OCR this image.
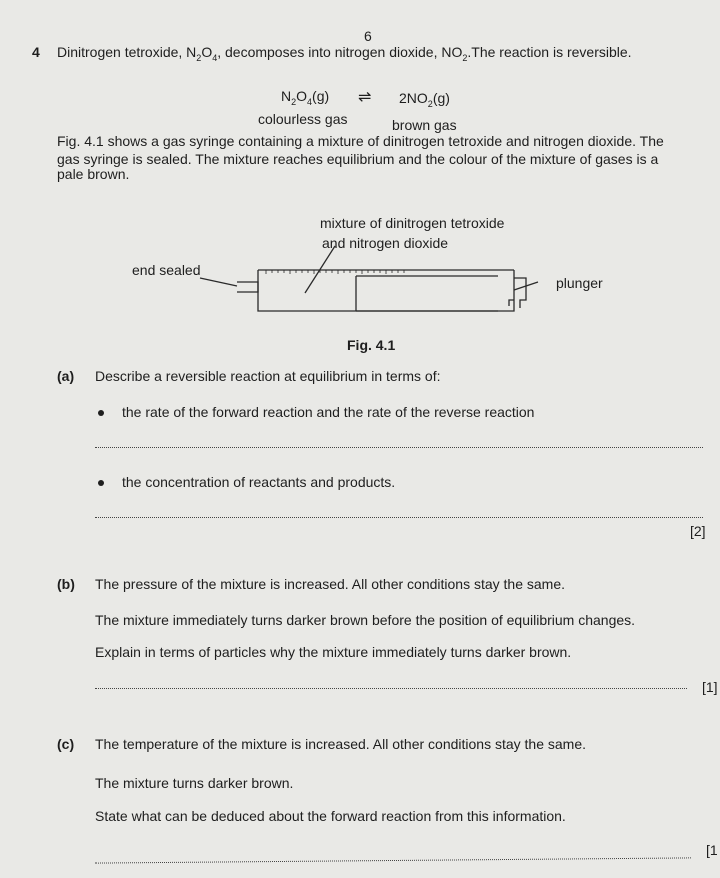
6
4 Dinitrogen tetroxide, $N_2O_4$, decomposes into nitrogen dioxide, $NO_2.The$ reaction is reversible.
$N_2O_4(g)$ ⇌ $2NO_2(g)$
colourless gas	brown gas
Fig. 4.1 shows a gas syringe containing a mixture of dinitrogen tetroxide and nitrogen dioxide. The
gas syringe is sealed. The mixture reaches equilibrium and the colour of the mixture of gases is a
pale brown.
mixture of dinitrogen tetroxide
and nitrogen dioxide
end sealed
plunger
Fig. 4.1
(a) Describe a reversible reaction at equilibrium in terms of:
the rate of the forward reaction and the rate of the reverse reaction
the concentration of reactants and products.
[2]
(b) The pressure of the mixture is increased. All other conditions stay the same.
The mixture immediately turns darker brown before the position of equilibrium changes.
Explain in terms of particles why the mixture immediately turns darker brown.
[1]
(c) The temperature of the mixture is increased. All other conditions stay the same.
The mixture turns darker brown.
State what can be deduced about the forward reaction from this information.
[1
